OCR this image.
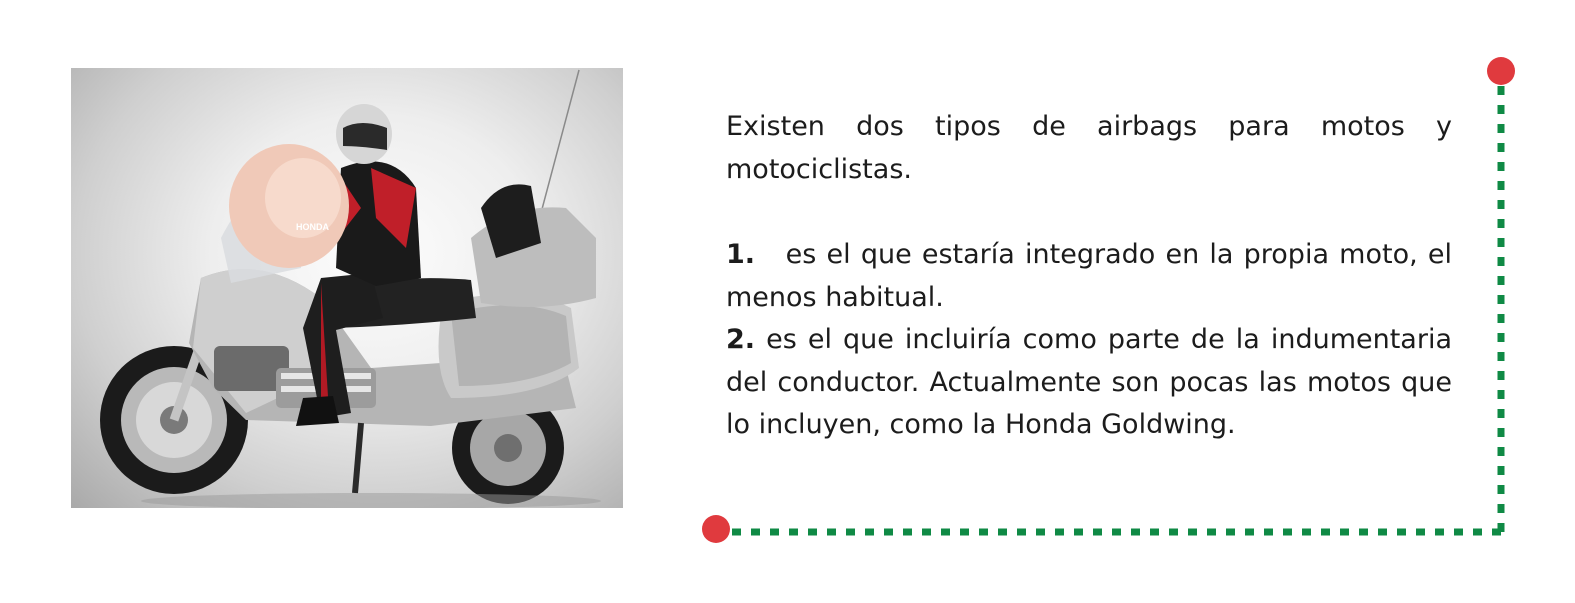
HONDA

Existen dos tipos de airbags para motos y motociclistas.

1. es el que estaría integrado en la propia moto, el menos habitual.

2. es el que incluiría como parte de la indumentaria del conductor. Actualmente son pocas las motos que lo incluyen, como la Honda Goldwing.
